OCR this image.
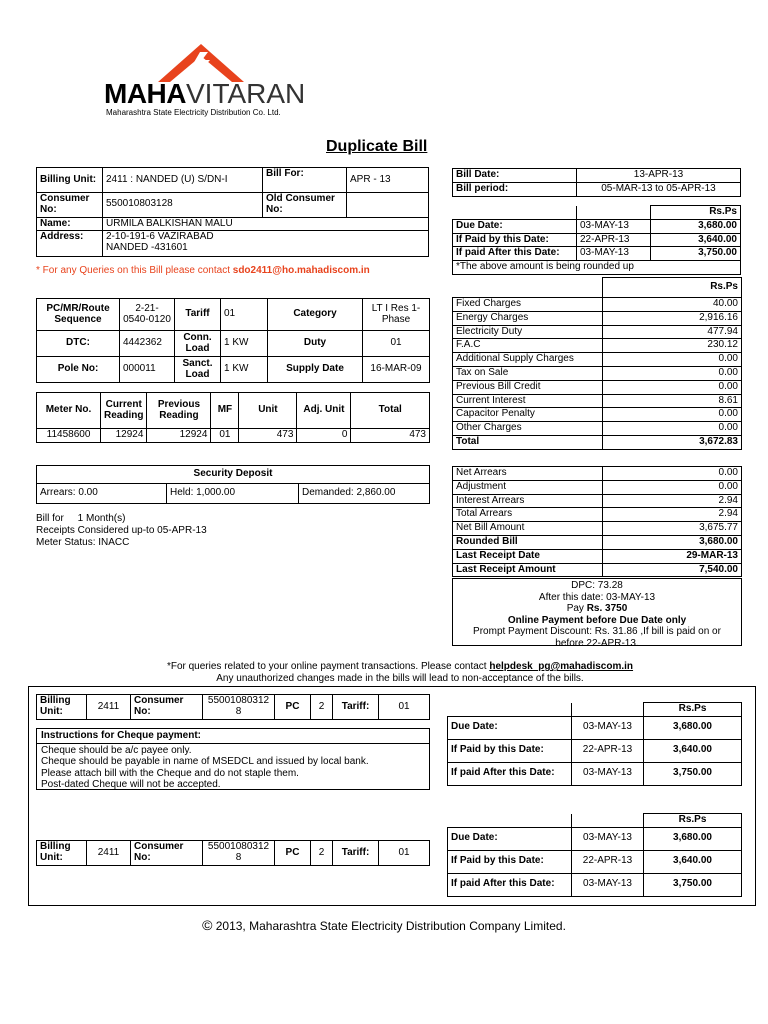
MAHAVITARAN
Maharashtra State Electricity Distribution Co. Ltd.
Duplicate Bill
Billing Unit:	2411 : NANDED (U) S/DN-I	Bill For:	APR - 13
Consumer No:	550010803128	Old Consumer No:	
Name:	URMILA BALKISHAN MALU		
Address:	2-10-191-6 VAZIRABAD
NANDED -431601		
* For any Queries on this Bill please contact sdo2411@ho.mahadiscom.in
Bill Date:	13-APR-13
Bill period:	05-MAR-13 to 05-APR-13
		Rs.Ps
Due Date:	03-MAY-13	3,680.00
If Paid by this Date:	22-APR-13	3,640.00
If paid After this Date:	03-MAY-13	3,750.00
*The above amount is being rounded up		
PC/MR/Route Sequence	2-21-0540-0120	Tariff	01	Category	LT I Res 1-Phase
DTC:	4442362	Conn. Load	1 KW	Duty	01
Pole No:	000011	Sanct. Load	1 KW	Supply Date	16-MAR-09
Meter No.	Current Reading	Previous Reading	MF	Unit	Adj. Unit	Total
11458600	12924	12924	01	473	0	473
Security Deposit
Arrears: 0.00	Held: 1,000.00	Demanded: 2,860.00
Bill for     1 Month(s)
Receipts Considered up-to 05-APR-13
Meter Status: INACC
	Rs.Ps
Fixed Charges	40.00
Energy Charges	2,916.16
Electricity Duty	477.94
F.A.C	230.12
Additional Supply Charges	0.00
Tax on Sale	0.00
Previous Bill Credit	0.00
Current Interest	8.61
Capacitor Penalty	0.00
Other Charges	0.00
Total	3,672.83
Net Arrears	0.00
Adjustment	0.00
Interest Arrears	2.94
Total Arrears	2.94
Net Bill Amount	3,675.77
Rounded Bill	3,680.00
Last Receipt Date	29-MAR-13
Last Receipt Amount	7,540.00
DPC: 73.28
After this date: 03-MAY-13
Pay Rs. 3750
Online Payment before Due Date only
Prompt Payment Discount: Rs. 31.86 ,If bill is paid on or before 22-APR-13.
*For queries related to your online payment transactions. Please contact helpdesk_pg@mahadiscom.in
Any unauthorized changes made in the bills will lead to non-acceptance of the bills.
Billing Unit:	2411	Consumer No:	550010803128	PC	2	Tariff:	01
Instructions for Cheque payment:
Cheque should be a/c payee only.
Cheque should be payable in name of MSEDCL and issued by local bank.
Please attach bill with the Cheque and do not staple them.
Post-dated Cheque will not be accepted.
		Rs.Ps
Due Date:	03-MAY-13	3,680.00
If Paid by this Date:	22-APR-13	3,640.00
If paid After this Date:	03-MAY-13	3,750.00
Billing Unit:	2411	Consumer No:	550010803128	PC	2	Tariff:	01
		Rs.Ps
Due Date:	03-MAY-13	3,680.00
If Paid by this Date:	22-APR-13	3,640.00
If paid After this Date:	03-MAY-13	3,750.00
© 2013, Maharashtra State Electricity Distribution Company Limited.
